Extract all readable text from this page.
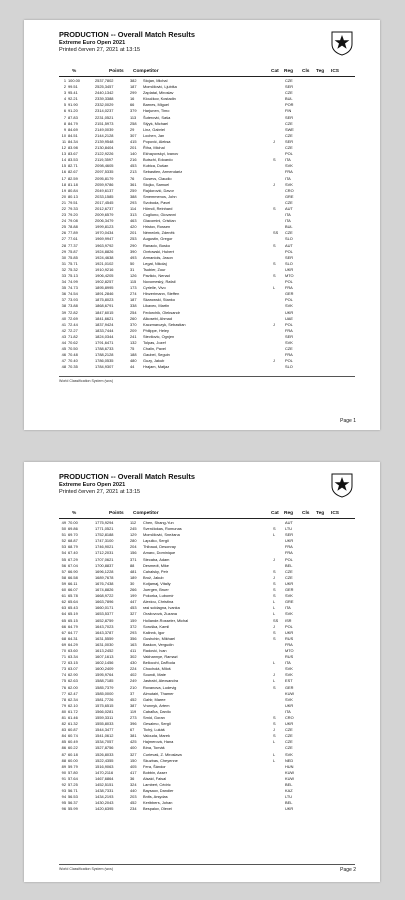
PRODUCTION -- Overall Match Results
Extreme Euro Open 2021
Printed červen 27, 2021 at 13:15
%	Points Competitor	Cat Reg Cls Teg ICS
1 100.00	2537,7802	382	Stojan, Michal	CZE
2 99.51	2525,3457	187	Momčilović, Ljubiša	SER
3 95.41	2440,1342	299	Zaplatal, Miroslav	CZE
4 92.21	2339,3388	16	Kloučkov, Kostadin	BUL
5 91.90	2332,0029	66	Barnes, Miguel	POR
6 91.20	2314,0237	379	Harjunen, Timo	FIN
7 87.83	2231,0521	113	Šuterović, Saša	SER
8 84.79	2151,5973	258	Stýyk, Michael	CZE
9 84.69	2149,0039	29	Linz, Gabriel	SWE
10 84.51	2144,2128	307	Lochen, Jan	CZE
11 84.34	2139,9548	415	Popović, Aleksa	J	SER
12 83.98	2130,8404	201	Říha, Michal	CZE
13 83.67	2122,9226	140	Ekhayovskyi, Ivanov	POL
14 83.53	2119,3597	216	Butschi, Edoardo	S	ITA
15 82.71	2098,4605	453	Kubica, Dušan	SVK
16 82.67	2097,5335	213	Sebastien, Armendariz	FRA
17 82.59	2095,8179	76	Gusevs, Claudio	ITA
18 81.18	2059,9786	361	Stojko, Samuel	J	SVK
19 80.84	2049,6137	259	Rajdorović, Davor	CRO
20 80.13	2033,1585	388	Smemmenos, John	GRE
21 79.51	2017,4545	293	Svoboda, Pavel	CZE
22 79.33	2012,6737	114	Hörndl, Reinhard	S	AUT
23 79.20	2009,6579	313	Cugliono, Giovanni	ITA
24 79.08	2006,3479	463	Giacomini, Cristian	ITA
25 78.88	1999,8123	420	Hristov, Rossen	BUL
26 77.89	1970,0434	201	Némeček, Zdeněk	SS	CZE
27 77.61	1969,9947	253	Augustin, Gregor	SLO
28 77.37	1963,9792	290	Ranacic, Bosko	S	AUT
29 75.87	1924,8826	390	Ovrtowski, Hubert	POL
30 75.85	1924,4638	493	Armaniols, Jason	SER
31 75.71	1921,0102	50	Legat, Nikolaj	S	SLO
32 75.32	1910,9216	31	Tsubier, Zour	UKR
33 75.13	1906,4205	126	Pavlicic, Nenad	S	MTO
34 74.99	1902,8257	115	Novomeský, Rafail	POL
35 74.73	1895,8995	173	Cyrielle, Vivo	L	FRA
36 74.54	1891,2846	274	Hinzerimann, Steffen	GER
37 73.93	1875,8023	187	Skarowski, Stanko	POL
38 73.88	1868,6791	338	Likavec, Martin	SVK
39 72.82	1847,6015	254	Fedorchik, Oleksandr	UKR
40 72.69	1841,6621	260	Alkosebi, Ahmad	UAE
41 72.44	1837,9424	370	Kaczmarczyk, Sebastian	J	POL
42 72.27	1833,7444	209	Philippe, Heley	FRA
43 71.82	1824,0344	241	Stevilovic, Ognjen	SER
44 70.62	1791,6471	132	Tolpas, Jozef	SVK
45 70.50	1788,6733	75	Chalin, Pavel	CZE
46 70.48	1788,2128	188	Gaubel, Seguin	FRA
47 70.40	1786,0535	480	Guzy, Jakub	J	POL
48 70.35	1784,9307	44	Hrajam, Matjaz	SLO
World Classification System (wcs)
Page 1
PRODUCTION -- Overall Match Results
Extreme Euro Open 2021
Printed červen 27, 2021 at 13:15
%	Points Competitor	Cat Reg Cls Teg ICS
49 70.00	1775,9294	112	Chen, Shang-Yun	AUT
50 69.86	1771,0521	245	Svenčiokas, Romunas	S	LTU
51 69.70	1752,8188	129	Momčilović, Snežana	L	SER
52 68.87	1747,3100	280	Lapulko, Sergii	UKR
53 68.79	1746,9021	204	Thibaud, Desonray	FRA
54 67.40	1712,2031	156	Amaro, Dominique	FRA
55 67.29	1707,0621	371	Stecaba, Adam	J	POL
56 67.04	1700,8837	88	Desmedt, Mike	BEL
57 66.90	1696,1228	481	Cahalsky, Petr	S	CZE
58 66.58	1689,7678	189	Brož, Jakub	J	CZE
59 66.11	1676,7438	30	Kotjamaj, Vitaliy	S	UKR
60 66.07	1674,8826	266	Juergen, Bruer	S	GER
61 65.78	1668,9722	199	Pokorka, Lubomír	S	SVK
62 65.64	1663,7896	447	Alexiou, Christina	L	GRE
63 65.43	1660,0171	453	rasi soldagna, Ivanka	L	ITA
64 65.19	1653,5377	327	Oražovová, Zuzana	L	SVK
65 65.15	1652,8759	159	Hollande-Rosseler, Michal	SS	ISR
66 64.79	1643,7023	372	Soruška, Kamil	J	POL
67 64.77	1643,3787	293	Kalinnk, Igor	S	UKR
68 64.31	1631,5559	356	Gushchin, Mikhael	S	RUS
69 64.29	1631,0030	163	Baskon, Vergudin	FRA
70 63.60	1613,2452	411	Radović, Ivan	MTO
71 63.34	1607,1613	302	Vakhannye, Ramazi	RUS
72 63.15	1602,1456	430	Bellocchi, DaRoda	L	ITA
73 63.07	1600,2409	224	Chocholá, Miloš	SVK
74 62.90	1595,9764	402	Soundi, Mate	J	SVK
75 62.63	1588,7185	249	Jastrabl, Alexsandra	L	EST
76 62.00	1585,7379	210	Rovanova, Ludevig	S	GER
77 62.47	1585,0000	37	Almutairi, Thamer	KUW
78 62.34	1581,7726	452	Gahlr, Maree	SVK
79 62.10	1575,6515	387	Vrunnyk, Artem	UKR
80 61.72	1566,0281	119	Cabaľka, Danilo	ITA
81 61.46	1559,3311	273	Smid, Goran	S	CRO
82 61.32	1555,8033	396	Gesalmo, Sergii	S	UKR
83 60.87	1544,3477	67	Tichý, Lukáš	J	CZE
84 60.74	1541,0612	381	Valouda, Marek	S	CZE
85 60.49	1534,7057	425	Hajmerová, Hana	L	CZE
86 60.22	1527,8756	400	Bína, Tomáš	CZE
87 60.18	1526,8033	327	Curievaš, Z. Miroslava	L	SVK
88 60.00	1522,4355	150	Skuzbas, Cheyenne	L	NED
89 59.79	1516,9063	405	Fera, Šándor	HUN
90 57.80	1470,2116	417	Bobbin, Asser	KUW
91 57.64	1467,6864	36	Alsaid, Faisal	KUW
92 57.25	1452,5151	324	Lambert, Cédric	BEL
93 56.71	1438,7331	440	Baysaov, Dandier	KAZ
94 56.53	1434,2193	203	Bnits, Arsydas	LTU
95 56.37	1430,2043	452	Keribbers, Johan	BEL
96 55.99	1420,6395	234	Bespalov, Olexei	UKR
World Classification System (wcs)	Page 2
